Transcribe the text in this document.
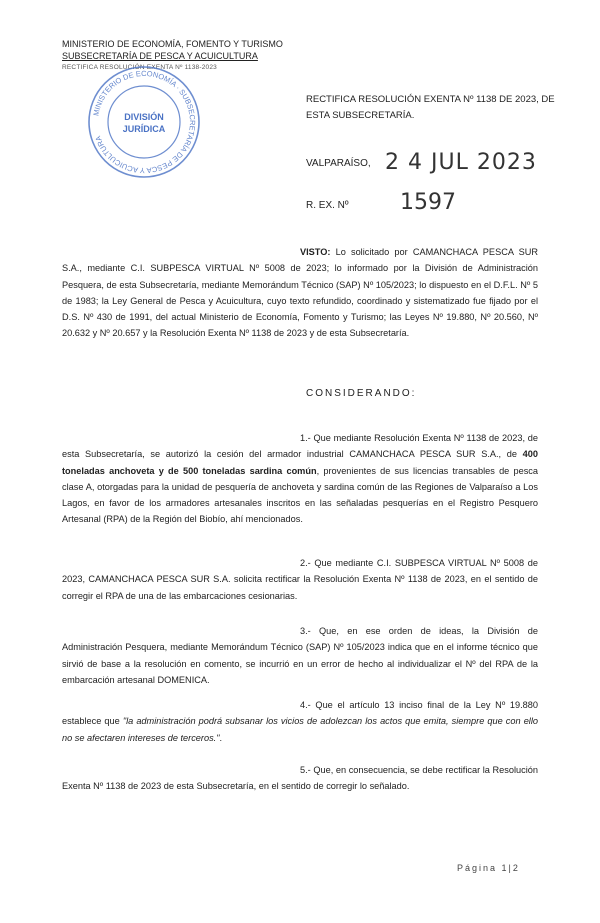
MINISTERIO DE ECONOMÍA, FOMENTO Y TURISMO
SUBSECRETARÍA DE PESCA Y ACUICULTURA
RECTIFICA RESOLUCIÓN EXENTA Nº 1138-2023
MINISTERIO DE ECONOMÍA · SUBSECRETARÍA DE PESCA Y ACUICULTURA
DIVISIÓN
JURÍDICA
RECTIFICA RESOLUCIÓN EXENTA Nº 1138 DE 2023, DE ESTA SUBSECRETARÍA.
VALPARAÍSO, 2 4 JUL 2023
R. EX. Nº 1597

VISTO: Lo solicitado por CAMANCHACA PESCA SUR S.A., mediante C.I. SUBPESCA VIRTUAL Nº 5008 de 2023; lo informado por la División de Administración Pesquera, de esta Subsecretaría, mediante Memorándum Técnico (SAP) Nº 105/2023; lo dispuesto en el D.F.L. Nº 5 de 1983; la Ley General de Pesca y Acuicultura, cuyo texto refundido, coordinado y sistematizado fue fijado por el D.S. Nº 430 de 1991, del actual Ministerio de Economía, Fomento y Turismo; las Leyes Nº 19.880, Nº 20.560, Nº 20.632 y Nº 20.657 y la Resolución Exenta Nº 1138 de 2023 y de esta Subsecretaría.

CONSIDERANDO:

1.- Que mediante Resolución Exenta Nº 1138 de 2023, de esta Subsecretaría, se autorizó la cesión del armador industrial CAMANCHACA PESCA SUR S.A., de 400 toneladas anchoveta y de 500 toneladas sardina común, provenientes de sus licencias transables de pesca clase A, otorgadas para la unidad de pesquería de anchoveta y sardina común de las Regiones de Valparaíso a Los Lagos, en favor de los armadores artesanales inscritos en las señaladas pesquerías en el Registro Pesquero Artesanal (RPA) de la Región del Biobío, ahí mencionados.

2.- Que mediante C.I. SUBPESCA VIRTUAL Nº 5008 de 2023, CAMANCHACA PESCA SUR S.A. solicita rectificar la Resolución Exenta Nº 1138 de 2023, en el sentido de corregir el RPA de una de las embarcaciones cesionarias.

3.- Que, en ese orden de ideas, la División de Administración Pesquera, mediante Memorándum Técnico (SAP) Nº 105/2023 indica que en el informe técnico que sirvió de base a la resolución en comento, se incurrió en un error de hecho al individualizar el Nº del RPA de la embarcación artesanal DOMENICA.

4.- Que el artículo 13 inciso final de la Ley Nº 19.880 establece que "la administración podrá subsanar los vicios de adolezcan los actos que emita, siempre que con ello no se afectaren intereses de terceros.".

5.- Que, en consecuencia, se debe rectificar la Resolución Exenta Nº 1138 de 2023 de esta Subsecretaría, en el sentido de corregir lo señalado.

Página 1|2
